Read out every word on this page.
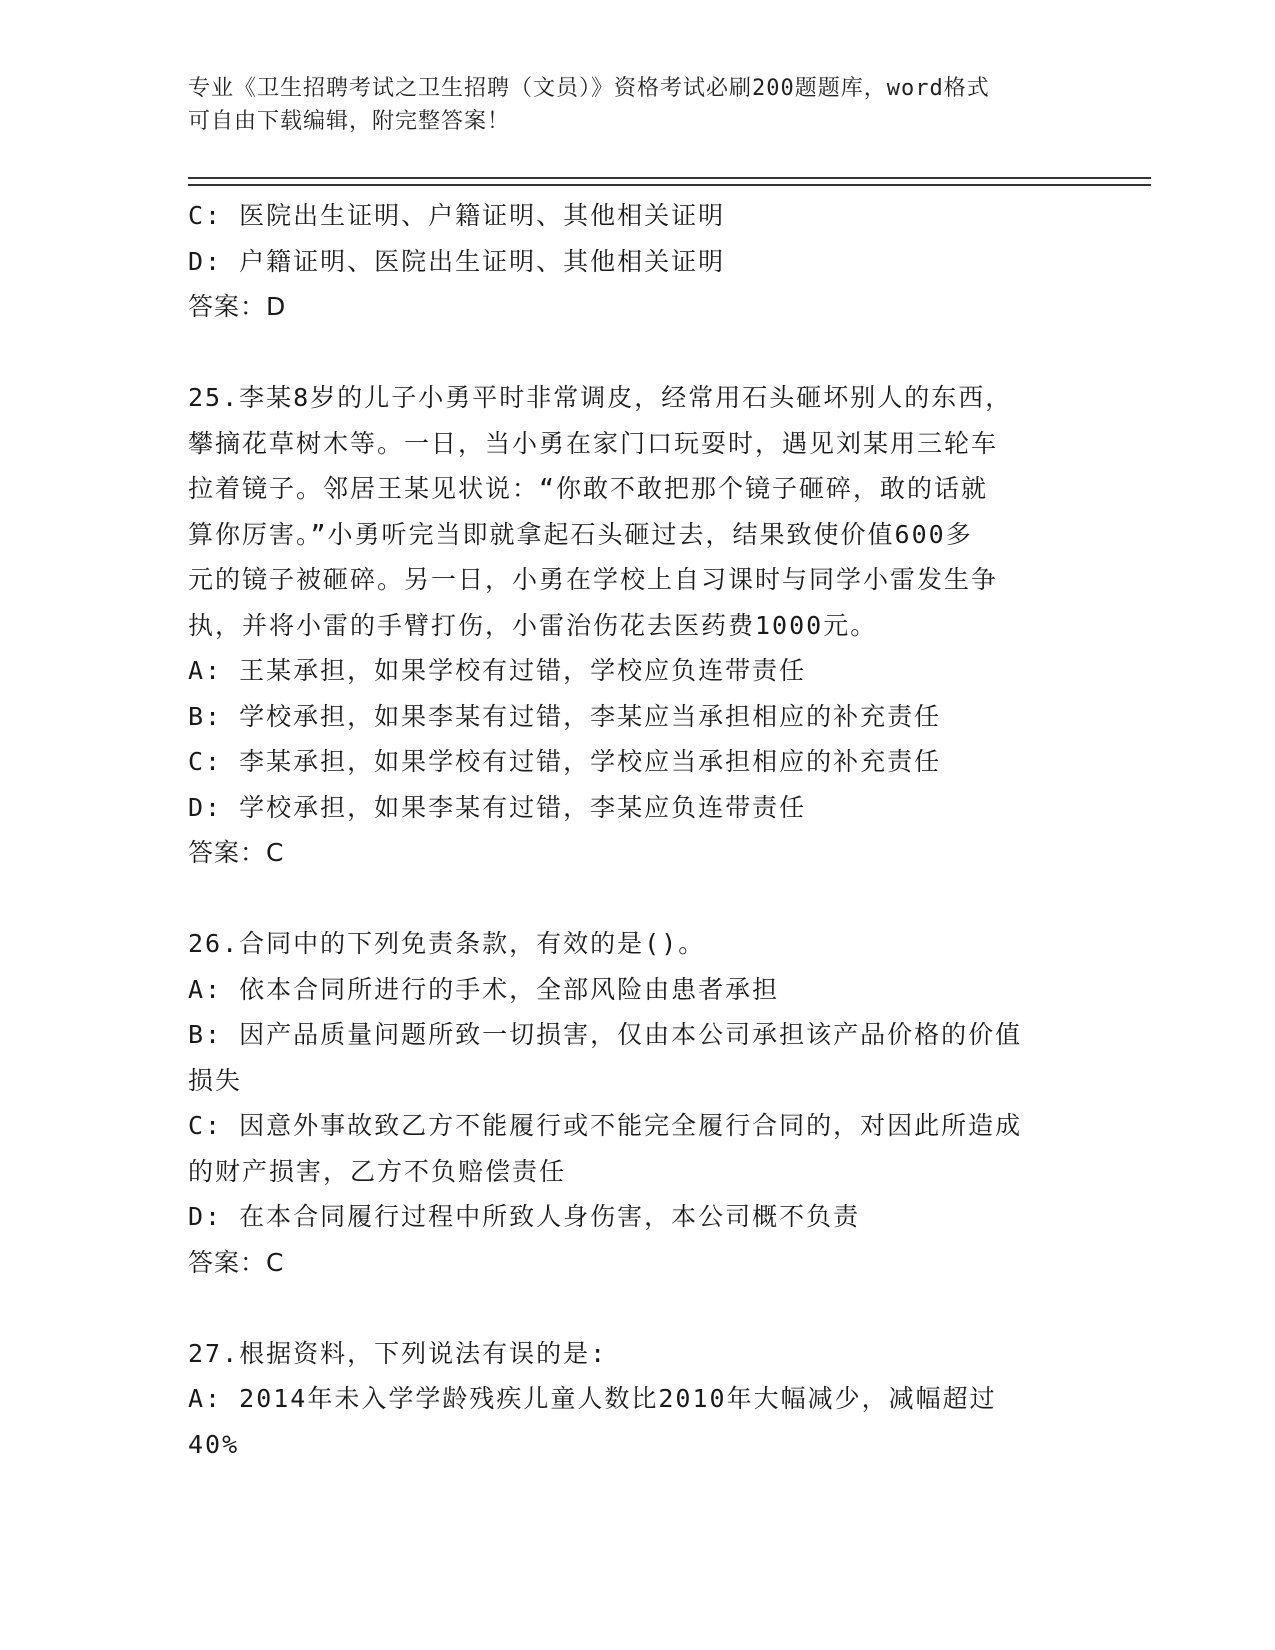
专业《卫生招聘考试之卫生招聘（文员）》资格考试必刷200题题库，word格式
可自由下载编辑，附完整答案！
C: 医院出生证明、户籍证明、其他相关证明
D: 户籍证明、医院出生证明、其他相关证明
答案：D
25.李某8岁的儿子小勇平时非常调皮，经常用石头砸坏别人的东西，
攀摘花草树木等。一日，当小勇在家门口玩耍时，遇见刘某用三轮车
拉着镜子。邻居王某见状说：“你敢不敢把那个镜子砸碎，敢的话就
算你厉害。”小勇听完当即就拿起石头砸过去，结果致使价值600多
元的镜子被砸碎。另一日，小勇在学校上自习课时与同学小雷发生争
执，并将小雷的手臂打伤，小雷治伤花去医药费1000元。
A: 王某承担，如果学校有过错，学校应负连带责任
B: 学校承担，如果李某有过错，李某应当承担相应的补充责任
C: 李某承担，如果学校有过错，学校应当承担相应的补充责任
D: 学校承担，如果李某有过错，李某应负连带责任
答案：C
26.合同中的下列免责条款，有效的是()。
A: 依本合同所进行的手术，全部风险由患者承担
B: 因产品质量问题所致一切损害，仅由本公司承担该产品价格的价值
损失
C: 因意外事故致乙方不能履行或不能完全履行合同的，对因此所造成
的财产损害，乙方不负赔偿责任
D: 在本合同履行过程中所致人身伤害，本公司概不负责
答案：C
27.根据资料，下列说法有误的是:
A: 2014年未入学学龄残疾儿童人数比2010年大幅减少，减幅超过
40%
